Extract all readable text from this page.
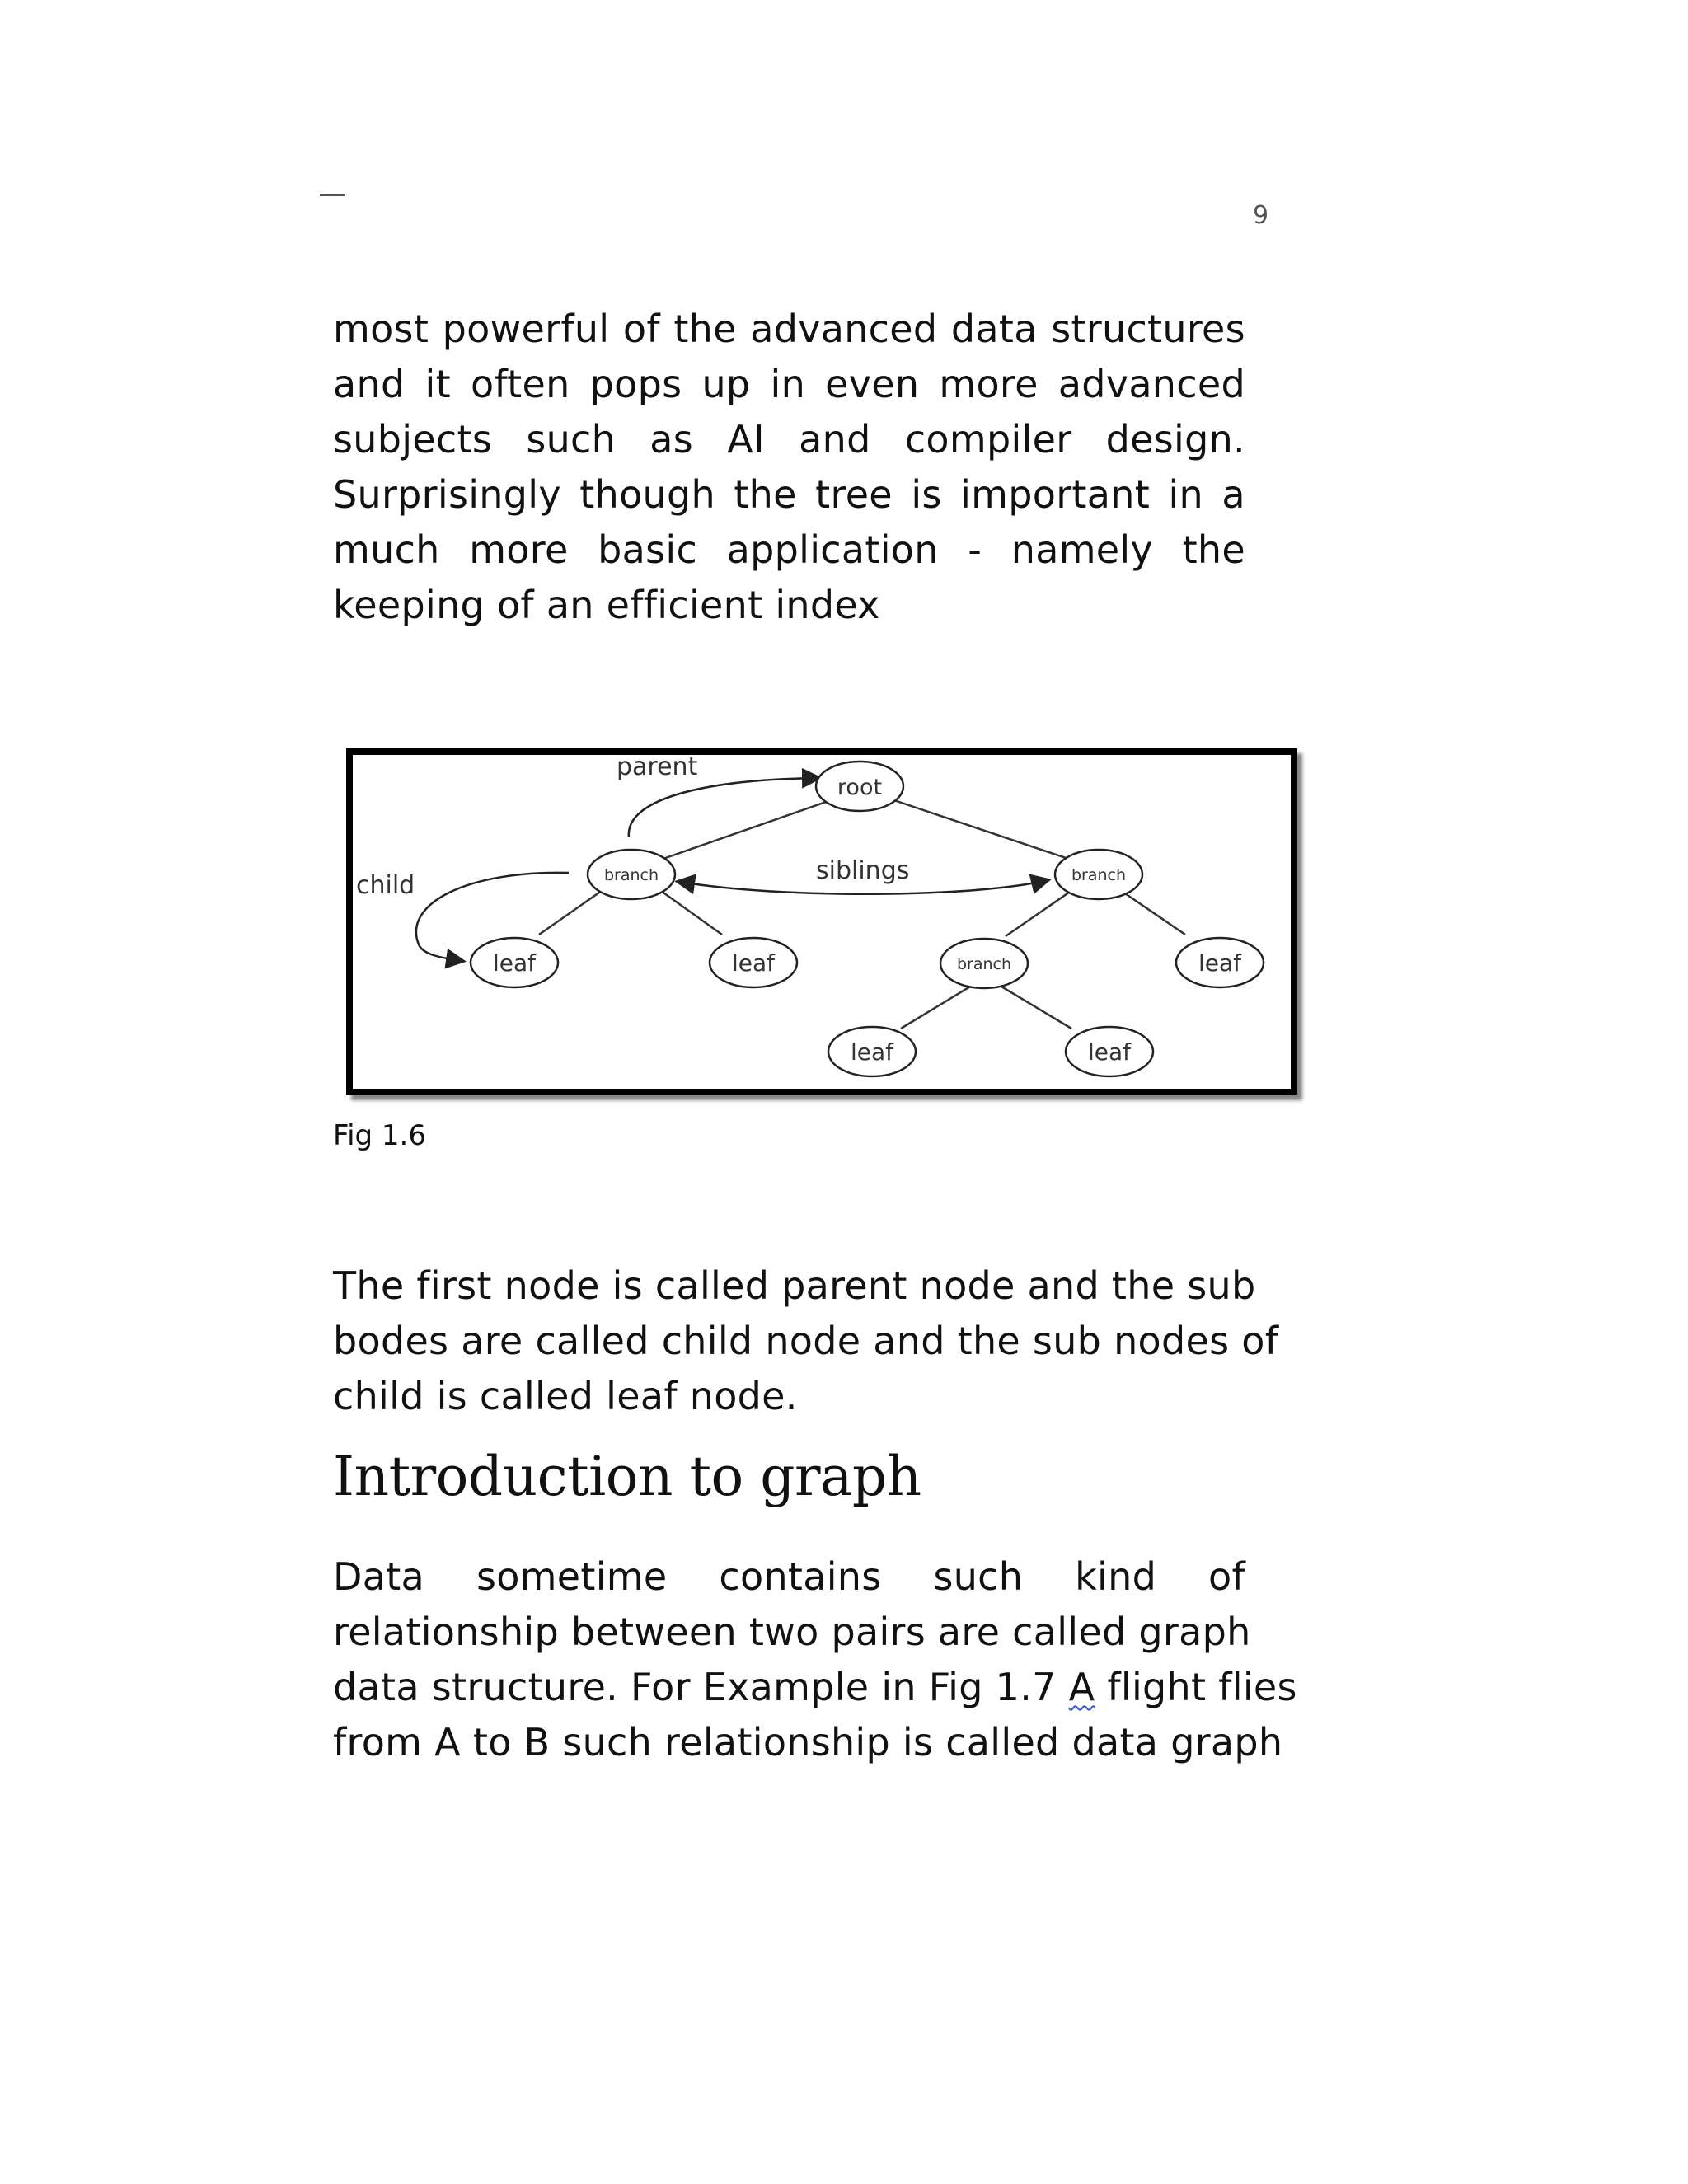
9
most powerful of the advanced data structures
and it often pops up in even more advanced
subjects such as AI and compiler design.
Surprisingly though the tree is important in a
much more basic application - namely the
keeping of an efficient index
parent
siblings
child
root
branch	branch
leaf	leaf	branch	leaf
leaf	leaf
Fig 1.6
The first node is called parent node and the sub
bodes are called child node and the sub nodes of
child is called leaf node.
Introduction to graph
Data sometime contains such kind of
relationship between two pairs are called graph
data structure. For Example in Fig 1.7 A flight flies
from A to B such relationship is called data graph
